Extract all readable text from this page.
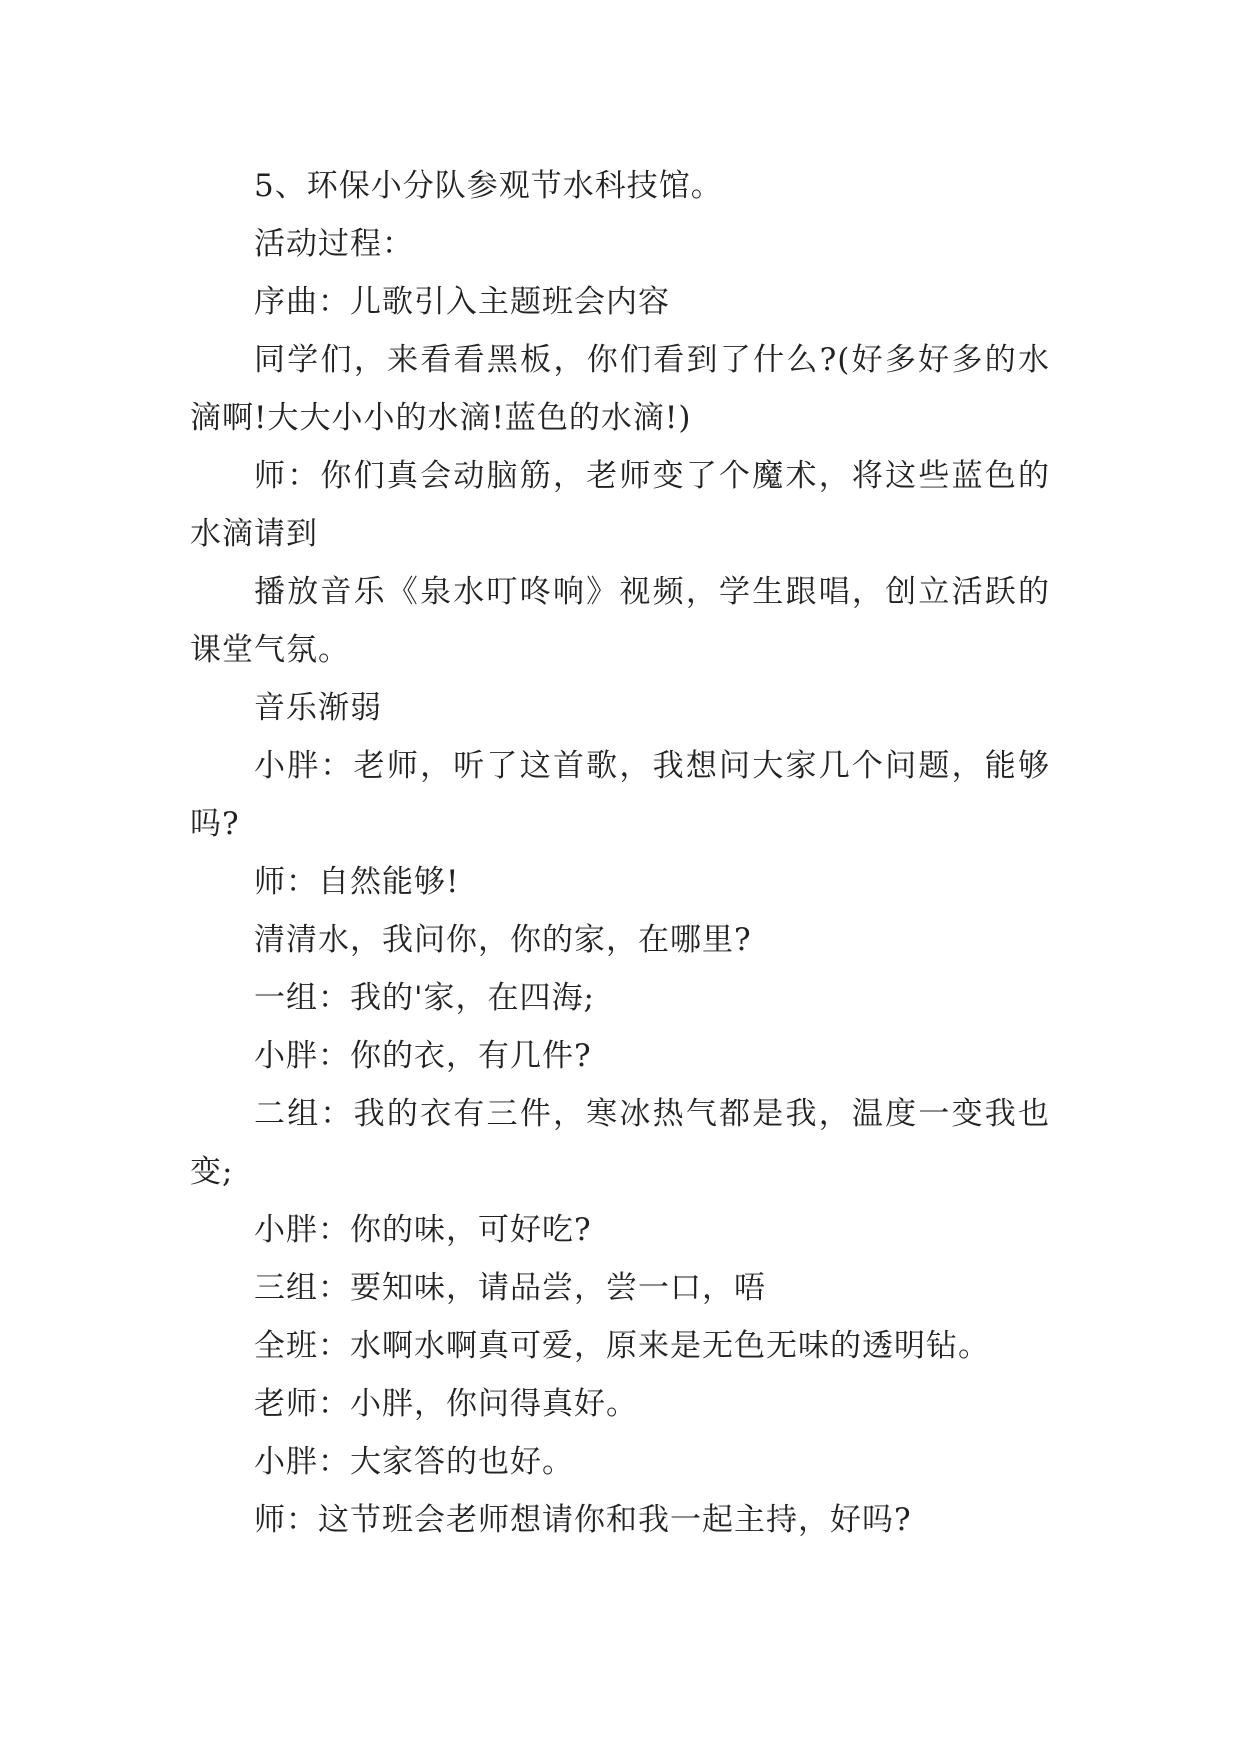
5、环保小分队参观节水科技馆。

活动过程：

序曲：儿歌引入主题班会内容

同学们，来看看黑板，你们看到了什么?(好多好多的水滴啊!大大小小的水滴!蓝色的水滴!)

师：你们真会动脑筋，老师变了个魔术，将这些蓝色的水滴请到

播放音乐《泉水叮咚响》视频，学生跟唱，创立活跃的课堂气氛。

音乐渐弱

小胖：老师，听了这首歌，我想问大家几个问题，能够吗?

师：自然能够!

清清水，我问你，你的家，在哪里?

一组：我的'家，在四海;

小胖：你的衣，有几件?

二组：我的衣有三件，寒冰热气都是我，温度一变我也变;

小胖：你的味，可好吃?

三组：要知味，请品尝，尝一口，唔

全班：水啊水啊真可爱，原来是无色无味的透明钻。

老师：小胖，你问得真好。

小胖：大家答的也好。

师：这节班会老师想请你和我一起主持，好吗?
